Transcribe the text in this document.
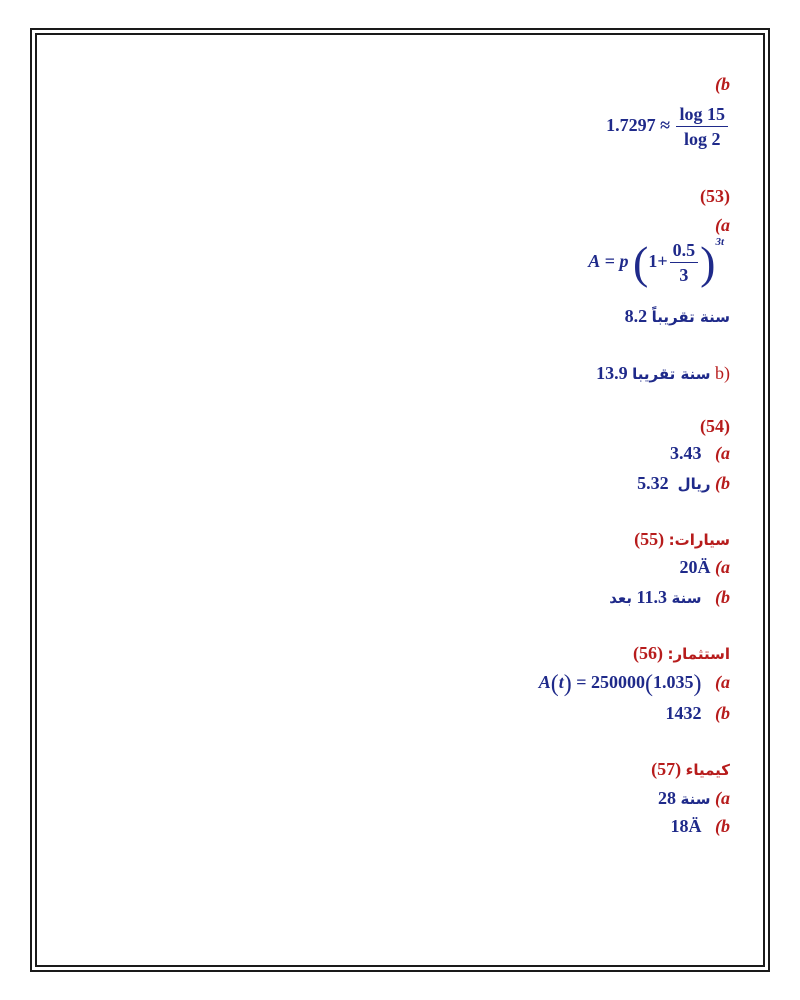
(b
$1.7297 \approx \frac{\log 15}{\log 2}$
(53)
(a
A = p $(1+ \frac{0.5}{3} )^{3t}$
سنة تقريباً 8.2
سنة تقريبا 13.9	b)
(54)
3.43 (a
ريال  5.32	(b
سيارات: (55)
20Ä (a
سنة 11.3 بعد	(b
استثمار: (56)
A(t) = 250000(1.035) (a
1432 (b
كيمياء (57)
سنة 28 (a
18Ä (b
